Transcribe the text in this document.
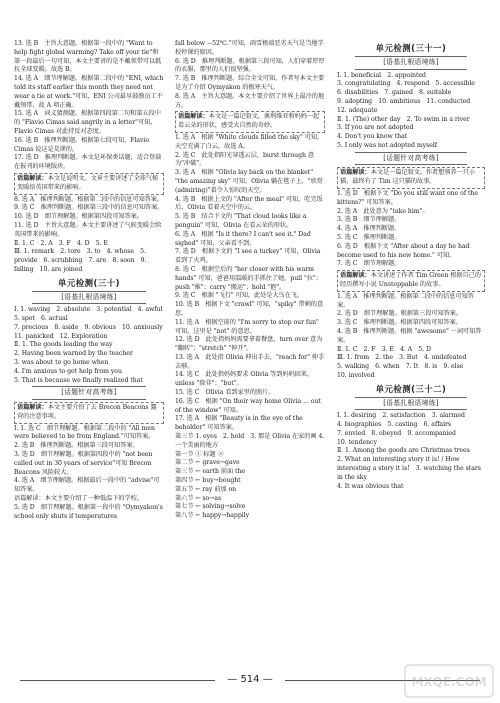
13. 选 B　主旨大意题。根据第一段中的 "Want to help fight global warming? Take off your tie"和第一段最后一句可知，本文主要讲的是不戴领带可以抵抗全球变暖。故选 B。

14. 选 A　细节理解题。根据第二段中的 "ENI, which told its staff earlier this month they need not wear a tie at work."可知，ENI 公司最早鼓励员工不戴领带，故 A 项正确。

15. 选 A　词义猜测题。根据第四段第二句和第五段中的 "Flavio Cimas said angrily in a letter"可知，Flavio Cimas 对此持反对态度。

16. 选 B　推理判断题。根据第七段可知，Flavio Cimas 说这是荒谬的。

17. 选 D　推理判断题。本文是环保类话题，适合登载在报刊的环境版块。

语篇解读：本文是说明文。文章主要讲述了全球气候变暖给英国带来的影响。

8. 选 A　推理判断题。根据第二段中的信息可知答案。

9. 选 C　推理判断题。根据第三段中的信息可知答案。

10. 选 D　细节理解题。根据第四段可知答案。

11. 选 D　主旨大意题。本文主要讲述了气候变暖会给英国带来的影响。

Ⅱ. 1. C　2. A　3. F　4. D　5. E

Ⅲ. 1. remark　2. tore　3. to　4. whose　5. provide　6. scrubbing　7. are　8. soon　9. falling　10. are joined

单元检测(三十)
[语基扎根语境练]

Ⅰ. 1. waving　2. absolute　3. potential　4. awful　5. spot　6. actual

7. precious　8. aside　9. obvious　10. anxiously

11. panicked　12. Exploration

Ⅱ. 1. The goods leading the way

2. Having been warned by the teacher

3. was about to go home when

4. I'm anxious to get help from you

5. That is because we finally realized that

[话题针对高考练]

语篇解读：本文主要介绍了去 Brecon Beacons 露营的注意事项。

Ⅰ. 1. 选 C　细节理解题。根据第二段中的 "All men were believed to be from England."可知答案。

2. 选 B　推理判断题。根据第三段可知答案。

3. 选 D　细节理解题。根据第四段中的 "not been called out in 30 years of service"可知 Brecon Beacons 风险较大。

4. 选 A　细节理解题。根据最后一段中的 "advise"可知答案。

语篇解读：本文主要介绍了一种低温下的学校。

5. 选 D　细节理解题。根据第一段中的 "Oymyakon's school only shuts if temperatures

fall below −52℃."可知，雨雪极端恶劣天气是当地学校停课的原因。

6. 选 D　推理判断题。根据第三段可知，人们穿着厚厚的衣服，那里的人们很坚强。

7. 选 B　推理判断题。综合全文可知，作者写本文主要是为了介绍 Oymyakon 的极寒天气。

8. 选 A　主旨大意题。本文主要介绍了世界上最冷的地方。

语篇解读：本文是一篇记叙文，奥利维亚和妈妈一起看云朵的形状，感受大自然的奇妙。

1. 选 A　根据 "White clouds filled the sky" 可知，天空充满了白云，故选 A。

2. 选 C　此处指阳光穿透云层，burst through 意为"冲破"。

3. 选 A　根据 "Olivia lay back on the blanket" "the amazing sky" 可知，Olivia 躺在毯子上，"欣赏(admiring)"着令人惊叹的天空。

4. 选 B　根据上文的 "After the meal" 可知，吃完饭后，Olivia 看着天空中的云。

5. 选 B　结合下文的 "That cloud looks like a penguin" 可知，Olivia 在看云朵的形状。

6. 选 A　根据 "Is it there? I can't see it." Dad sighed" 可知，父亲看不到。

7. 选 D　根据下文的 "I see a turkey" 可知，Olivia 看到了火鸡。

8. 选 C　根据空后的 "her closer with his warm hands" 可知，爸爸用温暖的手抓住了她，pull "拉"；push "推"；carry "搬运"；hold "抱"。

9. 选 C　根据 "飞行" 可知，此处是大鸟在飞。

10. 选 B　根据下文 "crawl" 可知，"spiky" 带刺的意思。

11. 选 A　根据空前的 "I'm sorry to stop our fun" 可知，这里是 "not" 的意思。

12. 选 D　此处指妈妈需要拿着餐盘，turn over 意为 "翻转"；"stretch" "伸开"。

13. 选 A　此处指 Olivia 伸出手去，"reach for" 伸手去够。

14. 选 C　此处指妈妈要求 Olivia 等到妈妈回来，unless "除非"；"but"。

15. 选 C　Olivia 看到家里的照片。

16. 选 C　根据 "On their way home Olivia ... out of the window" 可知。

17. 选 A　根据 "Beauty is in the eye of the beholder" 可知答案。

第三节 1. eyes　2. hold　3. 那是 Olivia 在家的画 4. 一个美丽的地方

第一节 ① 标题 ②

第二节 ← grave→gave

第三节 ← earth 前面 the

第四节 ← buy→bought

第五节 ← ray 前加 on

第六节 ← so→as

第七节 ← solving→solve

第八节 ← happy→happily

单元检测(三十一)
[语基扎根语境练]

Ⅰ. 1. beneficial　2. appointed

3. congratulating　4. respond　5. accessible

6. disabilities　7. gained　8. suitable

9. adopting　10. ambitious　11. conducted

12. adequate

Ⅱ. 1. (The) other day　2. To swim in a river

3. If you are not adopted

4. Don't you know that

5. I only was not adopted myself

[话题针对高考练]

语篇解读：本文是一篇记叙文。作者想领养一只小猫，最终有了 Tim 这只猫的故事。

1. 选 D　根据下文 "Do you still want one of the kittens?" 可知答案。

2. 选 A　此处意为 "take him"。

3. 选 B　细节理解题。

4. 选 A　推理判断题。

5. 选 C　推理判断题。

6. 选 D　根据下文 "After about a day he had become used to his new home." 可知。

7. 选 C　细节理解题。

语篇解读：本文讲述了作者 Tim Green 根据自己的经历撰写小说 Unstoppable 的故事。

1. 选 A　推理判断题。根据第二段中的信息可知答案。

2. 选 D　细节理解题。根据第三段可知答案。

3. 选 C　推理判断题。根据第四段可知答案。

4. 选 B　推理判断题。根据 "awesome" 一词可知答案。

Ⅱ. 1. C　2. F　3. E　4. A　5. D

Ⅲ. 1. from　2. the　3. But　4. undefeated

5. walking　6. when　7. It　8. is　9. else

10. involved

单元检测(三十二)
[语基扎根语境练]

Ⅰ. 1. desiring　2. satisfaction　3. alarmed

4. biographies　5. casting　6. affairs

7. envied　8. obeyed　9. accompanied

10. tendency

Ⅱ. 1. Among the goods are Christmas trees

2. What an interesting story it is! / How interesting a story it is!　3. watching the stars in the sky

4. It was obvious that

— 514 —	MXQE.COM
